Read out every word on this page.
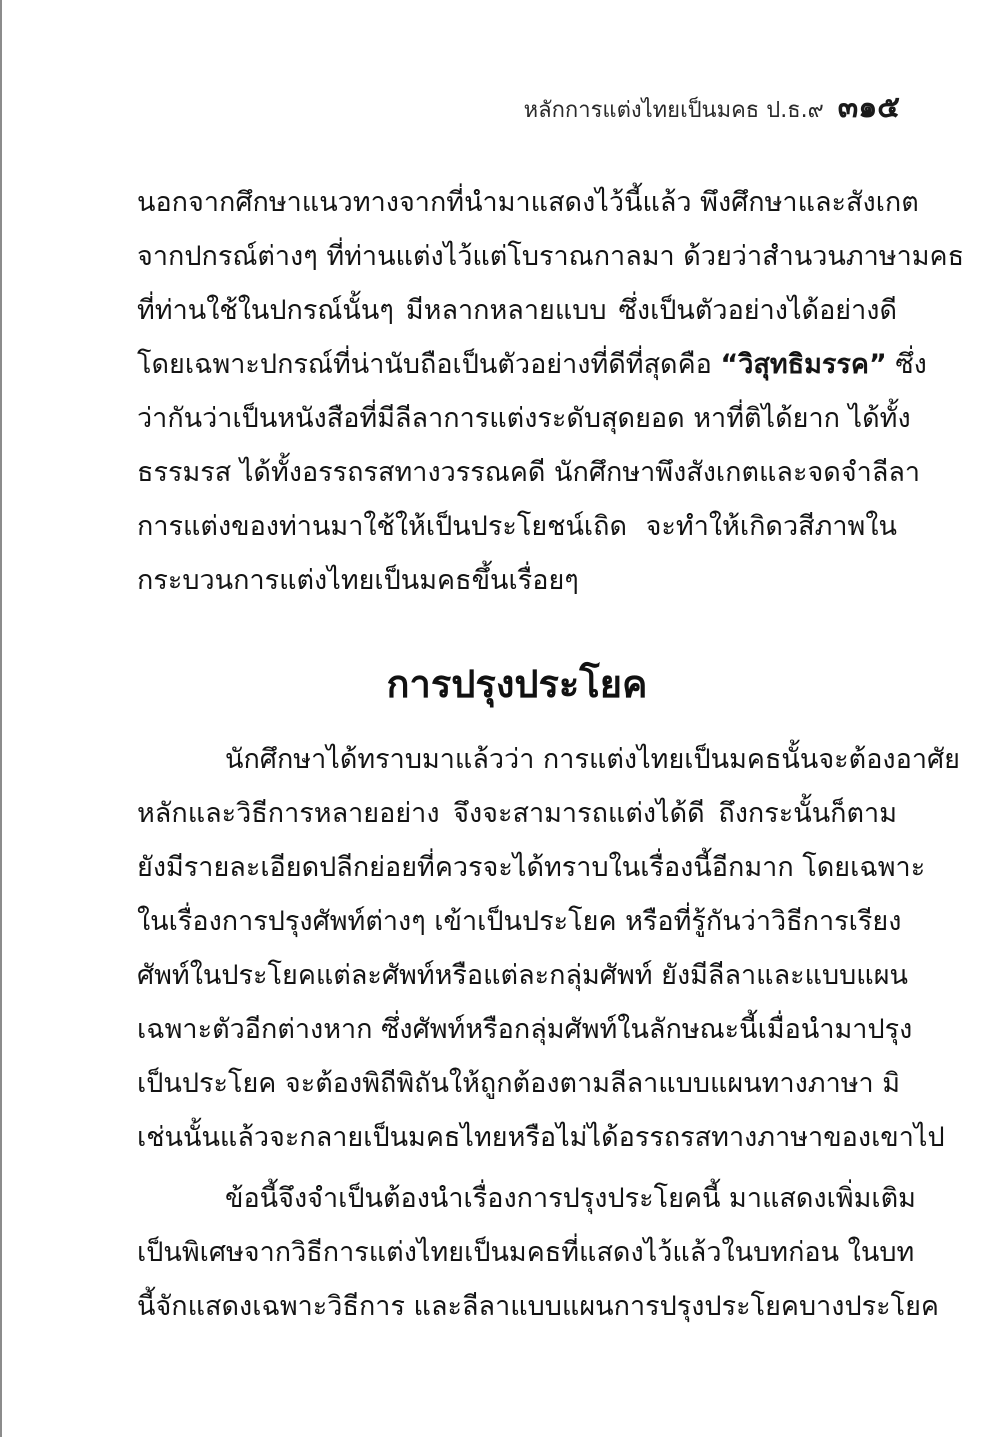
หลักการแต่งไทยเป็นมคธ ป.ธ.๙ ๓๑๕
นอกจากศึกษาแนวทางจากที่นำมาแสดงไว้นี้แล้ว พึงศึกษาและสังเกต
จากปกรณ์ต่างๆ ที่ท่านแต่งไว้แต่โบราณกาลมา ด้วยว่าสำนวนภาษามคธ
ที่ท่านใช้ในปกรณ์นั้นๆ มีหลากหลายแบบ ซึ่งเป็นตัวอย่างได้อย่างดี
โดยเฉพาะปกรณ์ที่น่านับถือเป็นตัวอย่างที่ดีที่สุดคือ “วิสุทธิมรรค” ซึ่ง
ว่ากันว่าเป็นหนังสือที่มีลีลาการแต่งระดับสุดยอด หาที่ติได้ยาก ได้ทั้ง
ธรรมรส ได้ทั้งอรรถรสทางวรรณคดี นักศึกษาพึงสังเกตและจดจำลีลา
การแต่งของท่านมาใช้ให้เป็นประโยชน์เถิด จะทำให้เกิดวสีภาพใน
กระบวนการแต่งไทยเป็นมคธขึ้นเรื่อยๆ
การปรุงประโยค
นักศึกษาได้ทราบมาแล้วว่า การแต่งไทยเป็นมคธนั้นจะต้องอาศัย
หลักและวิธีการหลายอย่าง จึงจะสามารถแต่งได้ดี ถึงกระนั้นก็ตาม
ยังมีรายละเอียดปลีกย่อยที่ควรจะได้ทราบในเรื่องนี้อีกมาก โดยเฉพาะ
ในเรื่องการปรุงศัพท์ต่างๆ เข้าเป็นประโยค หรือที่รู้กันว่าวิธีการเรียง
ศัพท์ในประโยคแต่ละศัพท์หรือแต่ละกลุ่มศัพท์ ยังมีลีลาและแบบแผน
เฉพาะตัวอีกต่างหาก ซึ่งศัพท์หรือกลุ่มศัพท์ในลักษณะนี้เมื่อนำมาปรุง
เป็นประโยค จะต้องพิถีพิถันให้ถูกต้องตามลีลาแบบแผนทางภาษา มิ
เช่นนั้นแล้วจะกลายเป็นมคธไทยหรือไม่ได้อรรถรสทางภาษาของเขาไป
ข้อนี้จึงจำเป็นต้องนำเรื่องการปรุงประโยคนี้ มาแสดงเพิ่มเติม
เป็นพิเศษจากวิธีการแต่งไทยเป็นมคธที่แสดงไว้แล้วในบทก่อน ในบท
นี้จักแสดงเฉพาะวิธีการ และลีลาแบบแผนการปรุงประโยคบางประโยค
